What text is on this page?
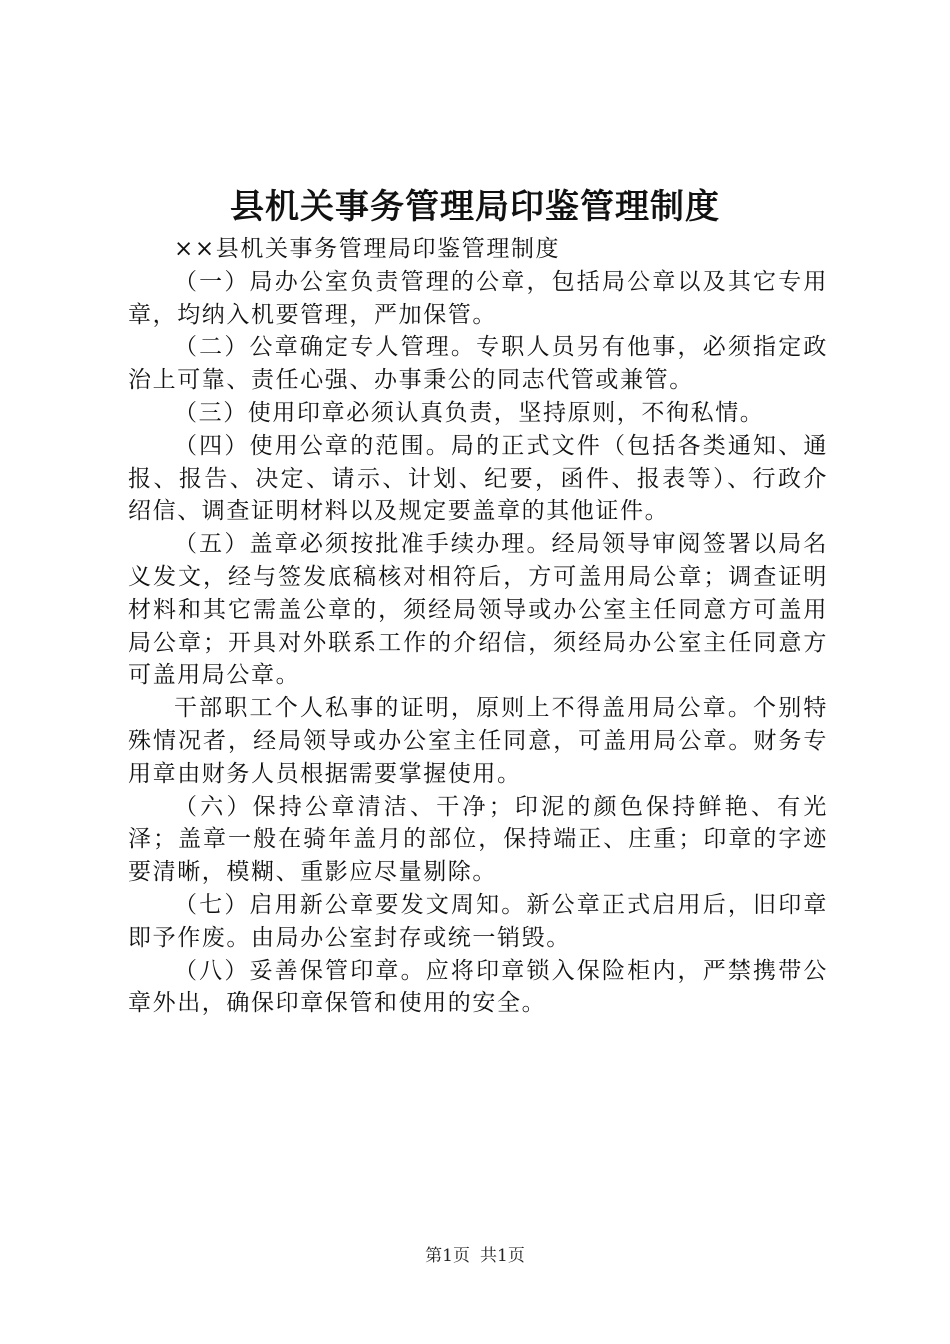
县机关事务管理局印鉴管理制度

××县机关事务管理局印鉴管理制度

（一）局办公室负责管理的公章，包括局公章以及其它专用章，均纳入机要管理，严加保管。

（二）公章确定专人管理。专职人员另有他事，必须指定政治上可靠、责任心强、办事秉公的同志代管或兼管。

（三）使用印章必须认真负责，坚持原则，不徇私情。

（四）使用公章的范围。局的正式文件（包括各类通知、通报、报告、决定、请示、计划、纪要，函件、报表等）、行政介绍信、调查证明材料以及规定要盖章的其他证件。

（五）盖章必须按批准手续办理。经局领导审阅签署以局名义发文，经与签发底稿核对相符后，方可盖用局公章；调查证明材料和其它需盖公章的，须经局领导或办公室主任同意方可盖用局公章；开具对外联系工作的介绍信，须经局办公室主任同意方可盖用局公章。

干部职工个人私事的证明，原则上不得盖用局公章。个别特殊情况者，经局领导或办公室主任同意，可盖用局公章。财务专用章由财务人员根据需要掌握使用。

（六）保持公章清洁、干净；印泥的颜色保持鲜艳、有光泽；盖章一般在骑年盖月的部位，保持端正、庄重；印章的字迹要清晰，模糊、重影应尽量剔除。

（七）启用新公章要发文周知。新公章正式启用后，旧印章即予作废。由局办公室封存或统一销毁。

（八）妥善保管印章。应将印章锁入保险柜内，严禁携带公章外出，确保印章保管和使用的安全。

第1页 共1页
